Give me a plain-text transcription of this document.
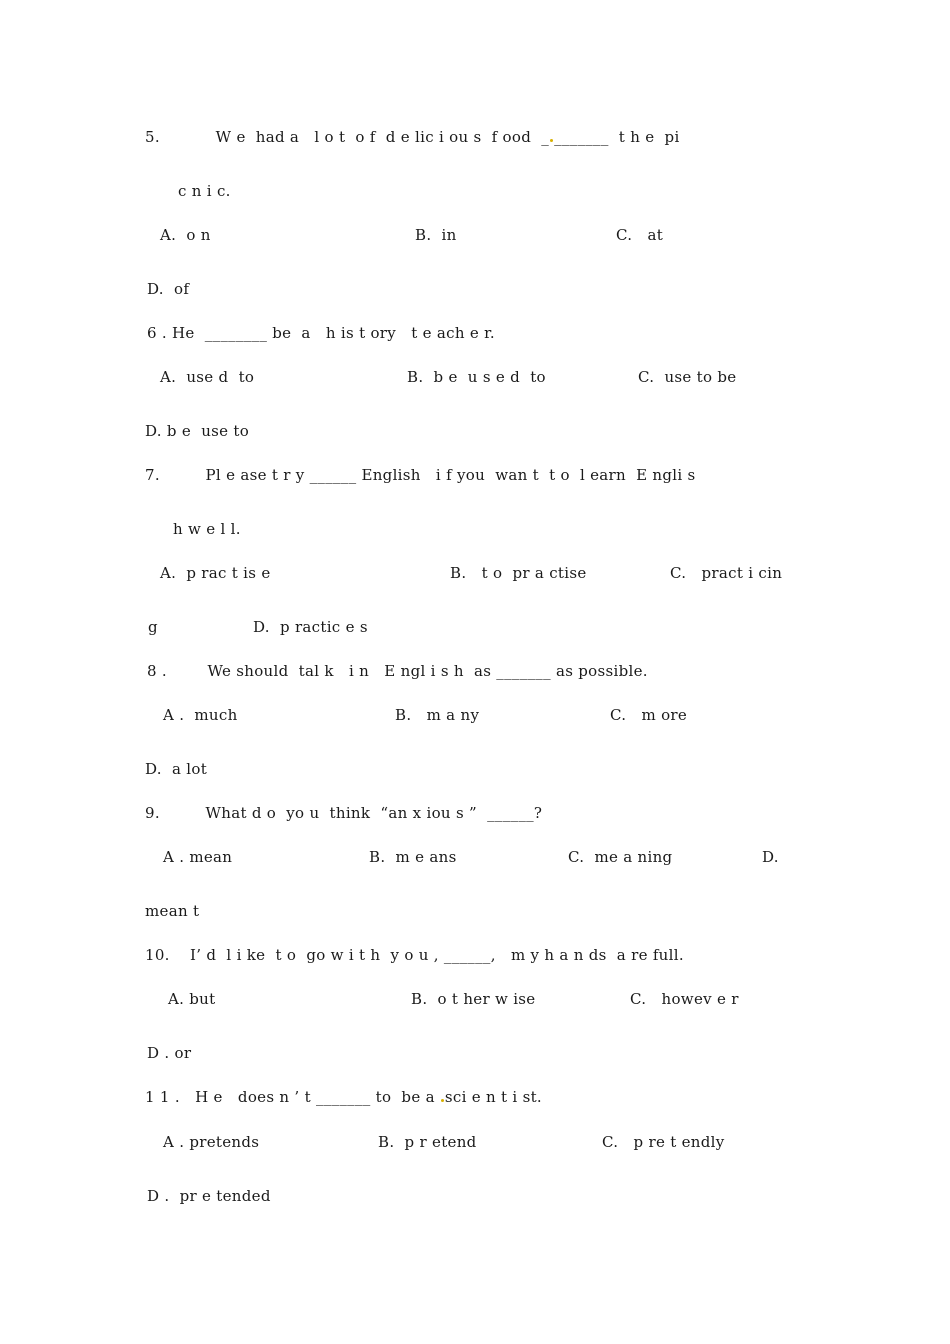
5.           W e  had a   l o t  o f  d e lic i ou s  f ood  _ _______  t h e  pi
c n i c.
A.  o n	B.  in	C.   at
D.  of
6 . He  ________ be  a   h is t ory   t e ach e r.
A.  use d  to	B.  b e  u s e d  to	C.  use to be
D. b e  use to
7.         Pl e ase t r y ______ English   i f you  wan t  t o  l earn  E ngli s
h w e l l.
A.  p rac t is e	B.   t o  pr a ctise	C.   pract i cin
g	D.  p ractic e s
8 .        We should  tal k   i n   E ngl i s h  as _______ as possible.
A .  much	B.   m a ny	C.   m ore
D.  a lot
9.         What d o  yo u  think  “an x iou s ”  ______?
A . mean	B.  m e ans	C.  me a ning	D.
mean t
10.    I’ d  l i ke  t o  go w i t h  y o u , ______,   m y h a n ds  a re full.
A. but	B.  o t her w ise	C.   howev e r
D . or
1 1 .   H e   does n ’ t _______ to  be a sci e n t i st.
A . pretends	B.  p r etend	C.   p re t endly
D .  pr e tended
